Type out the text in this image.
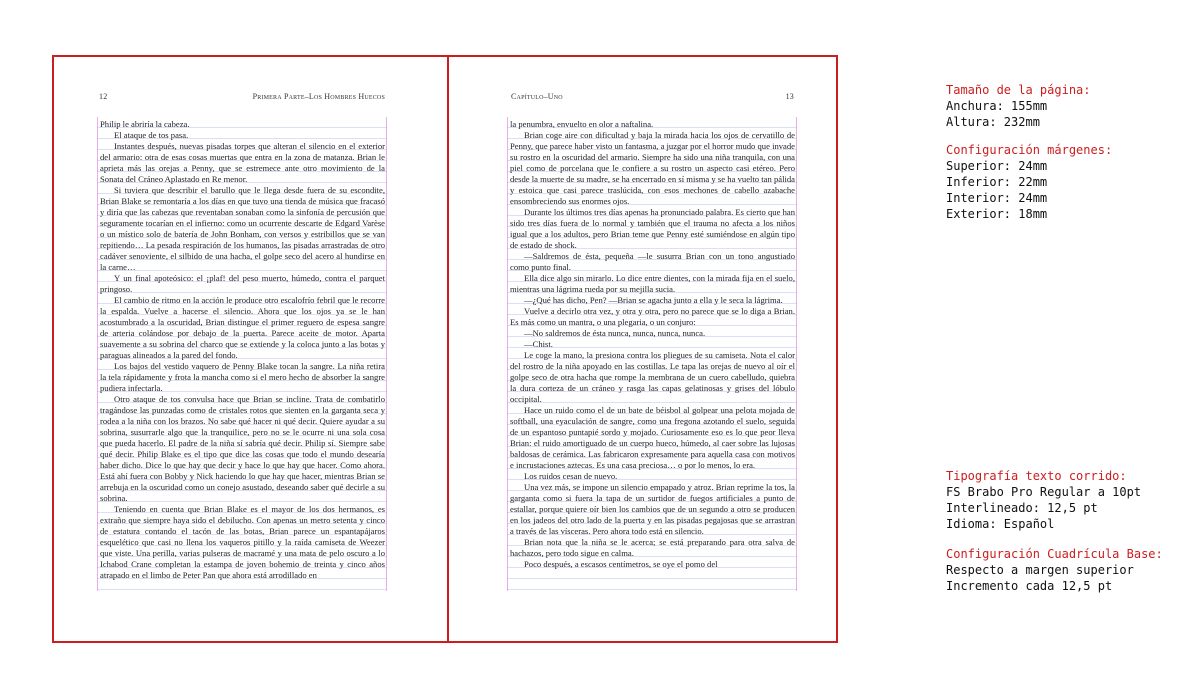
12	Primera Parte–Los Hombres Huecos

Philip le abriría la cabeza.

El ataque de tos pasa.

Instantes después, nuevas pisadas torpes que alteran el silencio en el exterior del armario: otra de esas cosas muertas que entra en la zona de matanza. Brian le aprieta más las orejas a Penny, que se estremece ante otro movimiento de la Sonata del Cráneo Aplastado en Re menor.

Si tuviera que describir el barullo que le llega desde fuera de su escondite, Brian Blake se remontaría a los días en que tuvo una tienda de música que fracasó y diría que las cabezas que reventaban sonaban como la sinfonía de percusión que seguramente tocarían en el infierno: como un ocurrente descarte de Edgard Varèse o un místico solo de batería de John Bonham, con versos y estribillos que se van repitiendo… La pesada respiración de los humanos, las pisadas arrastradas de otro cadáver senoviente, el silbido de una hacha, el golpe seco del acero al hundirse en la carne…

Y un final apoteósico: el ¡plaf! del peso muerto, húmedo, contra el parquet pringoso.

El cambio de ritmo en la acción le produce otro escalofrío febril que le recorre la espalda. Vuelve a hacerse el silencio. Ahora que los ojos ya se le han acostumbrado a la oscuridad, Brian distingue el primer reguero de espesa sangre de arteria colándose por debajo de la puerta. Parece aceite de motor. Aparta suavemente a su sobrina del charco que se extiende y la coloca junto a las botas y paraguas alineados a la pared del fondo.

Los bajos del vestido vaquero de Penny Blake tocan la sangre. La niña retira la tela rápidamente y frota la mancha como si el mero hecho de absorber la sangre pudiera infectarla.

Otro ataque de tos convulsa hace que Brian se incline. Trata de combatirlo tragándose las punzadas como de cristales rotos que sienten en la garganta seca y rodea a la niña con los brazos. No sabe qué hacer ni qué decir. Quiere ayudar a su sobrina, susurrarle algo que la tranquilice, pero no se le ocurre ni una sola cosa que pueda hacerlo. El padre de la niña sí sabría qué decir. Philip sí. Siempre sabe qué decir. Philip Blake es el tipo que dice las cosas que todo el mundo desearía haber dicho. Dice lo que hay que decir y hace lo que hay que hacer. Como ahora. Está ahí fuera con Bobby y Nick haciendo lo que hay que hacer, mientras Brian se arrebuja en la oscuridad como un conejo asustado, deseando saber qué decirle a su sobrina.

Teniendo en cuenta que Brian Blake es el mayor de los dos hermanos, es extraño que siempre haya sido el debilucho. Con apenas un metro setenta y cinco de estatura contando el tacón de las botas, Brian parece un espantapájaros esquelético que casi no llena los vaqueros pitillo y la raída camiseta de Weezer que viste. Una perilla, varias pulseras de macramé y una mata de pelo oscuro a lo Ichabod Crane completan la estampa de joven bohemio de treinta y cinco años atrapado en el limbo de Peter Pan que ahora está arrodillado en

Capítulo–Uno	13

la penumbra, envuelto en olor a naftalina.

Brian coge aire con dificultad y baja la mirada hacia los ojos de cervatillo de Penny, que parece haber visto un fantasma, a juzgar por el horror mudo que invade su rostro en la oscuridad del armario. Siempre ha sido una niña tranquila, con una piel como de porcelana que le confiere a su rostro un aspecto casi etéreo. Pero desde la muerte de su madre, se ha encerrado en sí misma y se ha vuelto tan pálida y estoica que casi parece traslúcida, con esos mechones de cabello azabache ensombreciendo sus enormes ojos.

Durante los últimos tres días apenas ha pronunciado palabra. Es cierto que han sido tres días fuera de lo normal y también que el trauma no afecta a los niños igual que a los adultos, pero Brian teme que Penny esté sumiéndose en algún tipo de estado de shock.

—Saldremos de ésta, pequeña —le susurra Brian con un tono angustiado como punto final.

Ella dice algo sin mirarlo. Lo dice entre dientes, con la mirada fija en el suelo, mientras una lágrima rueda por su mejilla sucia.

—¿Qué has dicho, Pen? —Brian se agacha junto a ella y le seca la lágrima.

Vuelve a decirlo otra vez, y otra y otra, pero no parece que se lo diga a Brian. Es más como un mantra, o una plegaria, o un conjuro:

—No saldremos de ésta nunca, nunca, nunca, nunca.

—Chist.

Le coge la mano, la presiona contra los pliegues de su camiseta. Nota el calor del rostro de la niña apoyado en las costillas. Le tapa las orejas de nuevo al oír el golpe seco de otra hacha que rompe la membrana de un cuero cabelludo, quiebra la dura corteza de un cráneo y rasga las capas gelatinosas y grises del lóbulo occipital.

Hace un ruido como el de un bate de béisbol al golpear una pelota mojada de softball, una eyaculación de sangre, como una fregona azotando el suelo, seguida de un espantoso puntapié sordo y mojado. Curiosamente eso es lo que peor lleva Brian: el ruido amortiguado de un cuerpo hueco, húmedo, al caer sobre las lujosas baldosas de cerámica. Las fabricaron expresamente para aquella casa con motivos e incrustaciones aztecas. Es una casa preciosa… o por lo menos, lo era.

Los ruidos cesan de nuevo.

Una vez más, se impone un silencio empapado y atroz. Brian reprime la tos, la garganta como si fuera la tapa de un surtidor de fuegos artificiales a punto de estallar, porque quiere oír bien los cambios que de un segundo a otro se producen en los jadeos del otro lado de la puerta y en las pisadas pegajosas que se arrastran a través de las vísceras. Pero ahora todo está en silencio.

Brian nota que la niña se le acerca; se está preparando para otra salva de hachazos, pero todo sigue en calma.

Poco después, a escasos centímetros, se oye el pomo del

Tamaño de la página:
Anchura: 155mm
Altura: 232mm
Configuración márgenes:
Superior: 24mm
Inferior: 22mm
Interior: 24mm
Exterior: 18mm
Tipografía texto corrido:
FS Brabo Pro Regular a 10pt
Interlineado: 12,5 pt
Idioma: Español
Configuración Cuadrícula Base:
Respecto a margen superior
Incremento cada 12,5 pt
